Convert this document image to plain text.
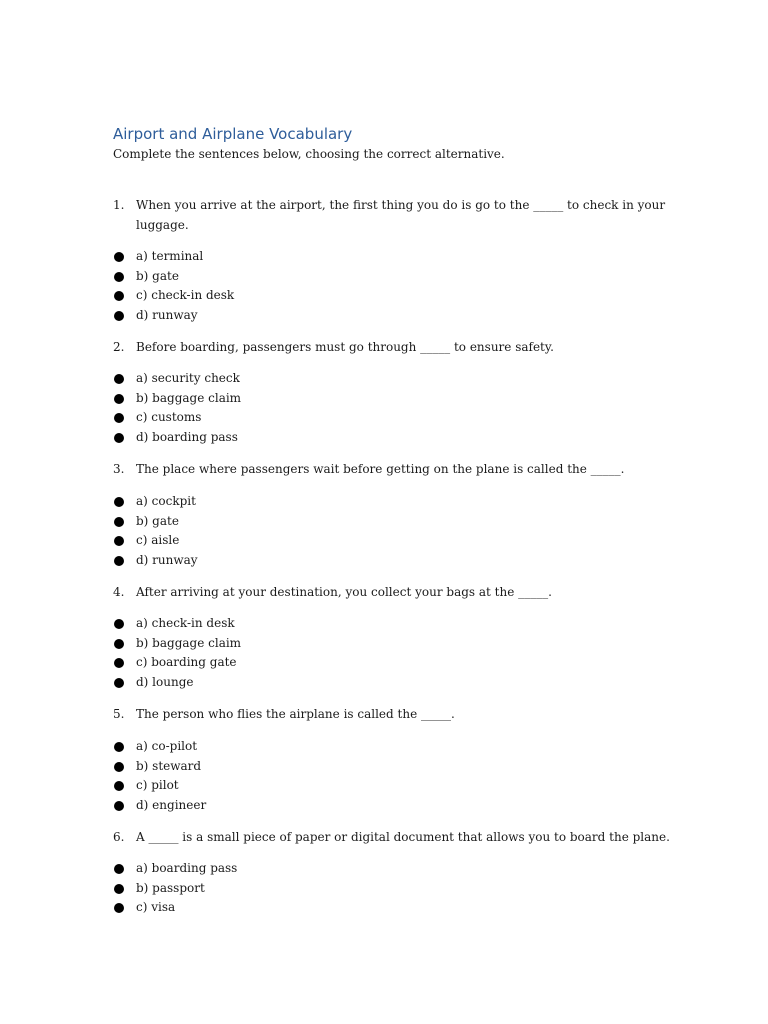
Airport and Airplane Vocabulary
Complete the sentences below, choosing the correct alternative.
1. When you arrive at the airport, the first thing you do is go to the _____ to check in your luggage.
a) terminal
b) gate
c) check-in desk
d) runway
2. Before boarding, passengers must go through _____ to ensure safety.
a) security check
b) baggage claim
c) customs
d) boarding pass
3. The place where passengers wait before getting on the plane is called the _____.
a) cockpit
b) gate
c) aisle
d) runway
4. After arriving at your destination, you collect your bags at the _____.
a) check-in desk
b) baggage claim
c) boarding gate
d) lounge
5. The person who flies the airplane is called the _____.
a) co-pilot
b) steward
c) pilot
d) engineer
6. A _____ is a small piece of paper or digital document that allows you to board the plane.
a) boarding pass
b) passport
c) visa
